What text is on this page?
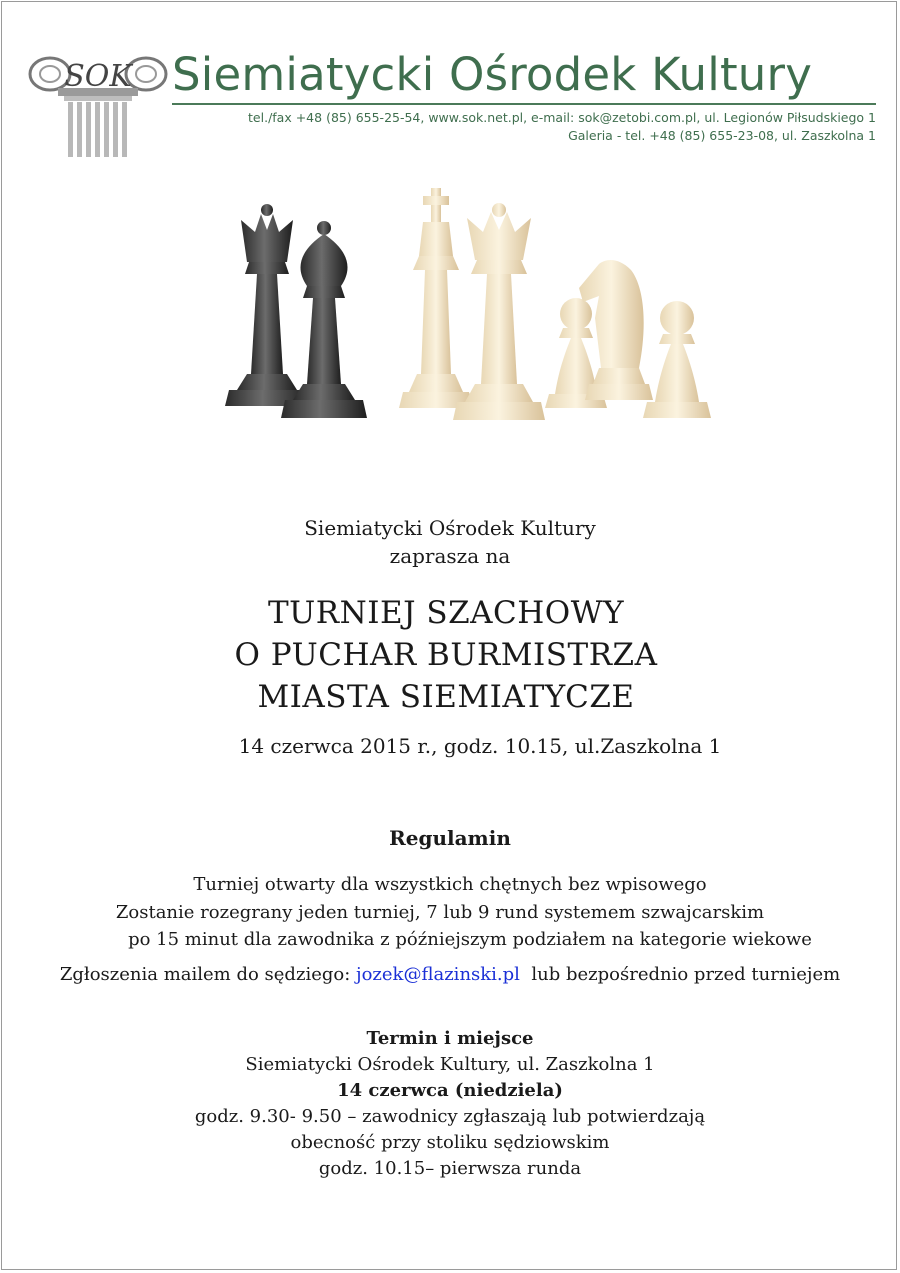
SOK Siemiatycki Ośrodek Kultury
tel./fax +48 (85) 655-25-54, www.sok.net.pl, e-mail: sok@zetobi.com.pl, ul. Legionów Piłsudskiego 1
Galeria - tel. +48 (85) 655-23-08, ul. Zaszkolna 1
Siemiatycki Ośrodek Kultury
zaprasza na
TURNIEJ SZACHOWY
O PUCHAR BURMISTRZA
MIASTA SIEMIATYCZE
14 czerwca 2015 r., godz. 10.15, ul.Zaszkolna 1
Regulamin
Turniej otwarty dla wszystkich chętnych bez wpisowego
Zostanie rozegrany jeden turniej, 7 lub 9 rund systemem szwajcarskim
po 15 minut dla zawodnika z późniejszym podziałem na kategorie wiekowe
Zgłoszenia mailem do sędziego: jozek@flazinski.pl  lub bezpośrednio przed turniejem
Termin i miejsce
Siemiatycki Ośrodek Kultury, ul. Zaszkolna 1
14 czerwca (niedziela)
godz. 9.30- 9.50 – zawodnicy zgłaszają lub potwierdzają
obecność przy stoliku sędziowskim
godz. 10.15– pierwsza runda
